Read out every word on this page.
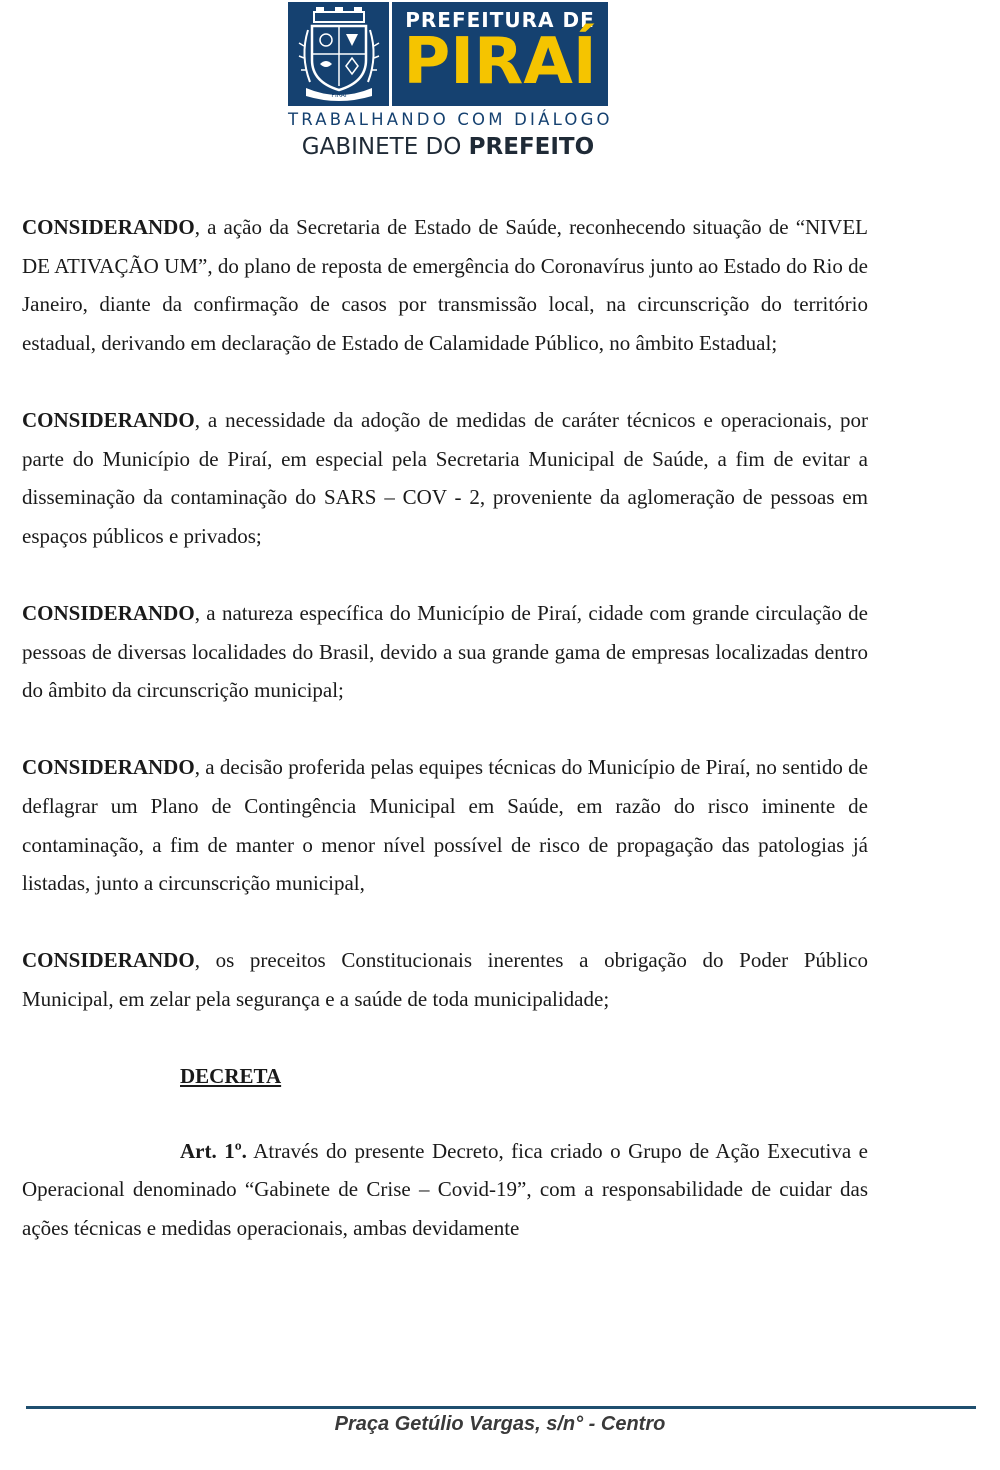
PIRAI
PREFEITURA DE
PIRAÍ
TRABALHANDO COM DIÁLOGO
GABINETE DO PREFEITO

CONSIDERANDO, a ação da Secretaria de Estado de Saúde, reconhecendo situação de “NIVEL DE ATIVAÇÃO UM”, do plano de reposta de emergência do Coronavírus junto ao Estado do Rio de Janeiro, diante da confirmação de casos por transmissão local, na circunscrição do território estadual, derivando em declaração de Estado de Calamidade Público, no âmbito Estadual;

CONSIDERANDO, a necessidade da adoção de medidas de caráter técnicos e operacionais, por parte do Município de Piraí, em especial pela Secretaria Municipal de Saúde, a fim de evitar a disseminação da contaminação do SARS – COV - 2, proveniente da aglomeração de pessoas em espaços públicos e privados;

CONSIDERANDO, a natureza específica do Município de Piraí, cidade com grande circulação de pessoas de diversas localidades do Brasil, devido a sua grande gama de empresas localizadas dentro do âmbito da circunscrição municipal;

CONSIDERANDO, a decisão proferida pelas equipes técnicas do Município de Piraí, no sentido de deflagrar um Plano de Contingência Municipal em Saúde, em razão do risco iminente de contaminação, a fim de manter o menor nível possível de risco de propagação das patologias já listadas, junto a circunscrição municipal,

CONSIDERANDO, os preceitos Constitucionais inerentes a obrigação do Poder Público Municipal, em zelar pela segurança e a saúde de toda municipalidade;

DECRETA

Art. 1º. Através do presente Decreto, fica criado o Grupo de Ação Executiva e Operacional denominado “Gabinete de Crise – Covid-19”, com a responsabilidade de cuidar das ações técnicas e medidas operacionais, ambas devidamente

Praça Getúlio Vargas, s/n° - Centro
